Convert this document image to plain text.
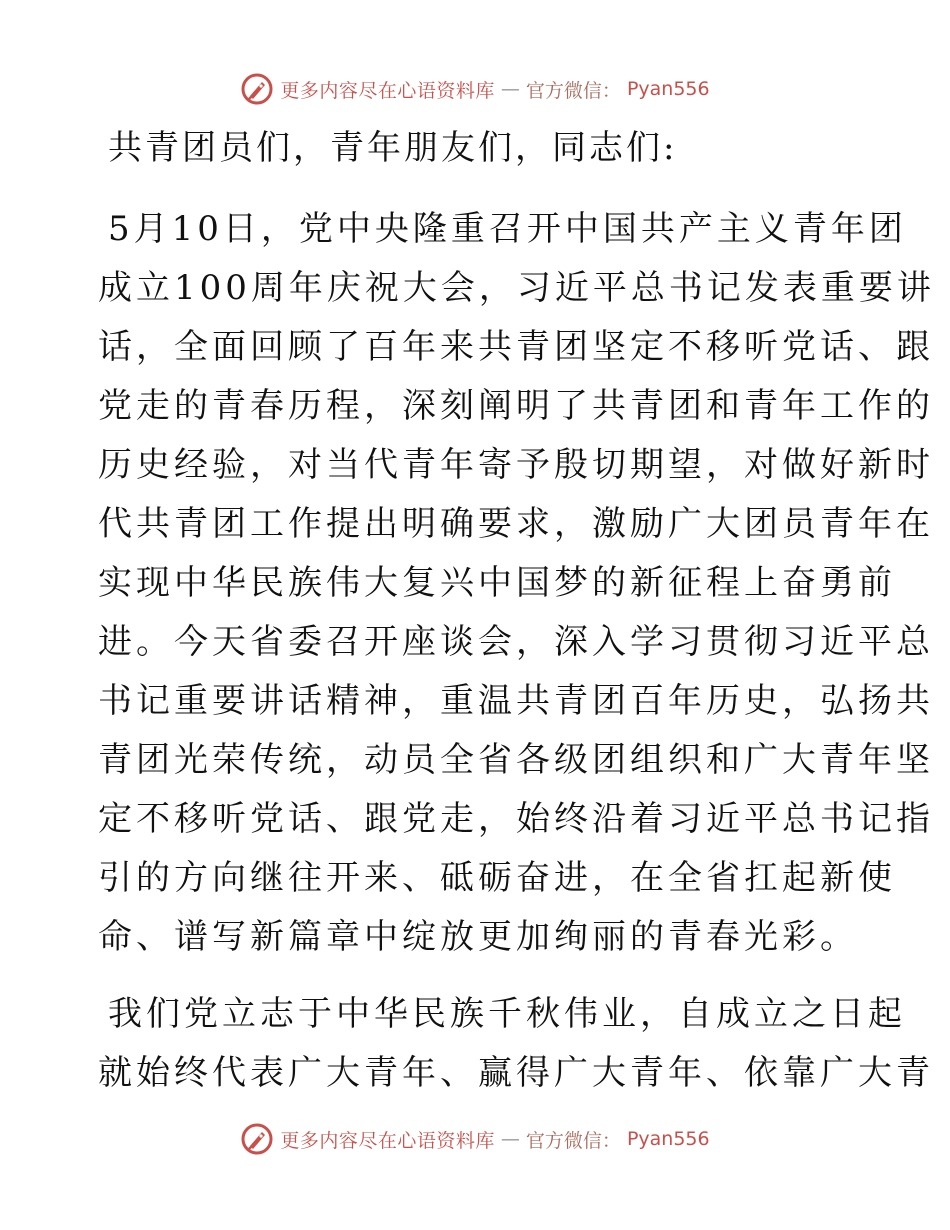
更多内容尽在心语资料库 — 官方微信： Pyan556
共青团员们，青年朋友们，同志们:
5月10日，党中央隆重召开中国共产主义青年团
成立100周年庆祝大会，习近平总书记发表重要讲
话，全面回顾了百年来共青团坚定不移听党话、跟
党走的青春历程，深刻阐明了共青团和青年工作的
历史经验，对当代青年寄予殷切期望，对做好新时
代共青团工作提出明确要求，激励广大团员青年在
实现中华民族伟大复兴中国梦的新征程上奋勇前
进。今天省委召开座谈会，深入学习贯彻习近平总
书记重要讲话精神，重温共青团百年历史，弘扬共
青团光荣传统，动员全省各级团组织和广大青年坚
定不移听党话、跟党走，始终沿着习近平总书记指
引的方向继往开来、砥砺奋进，在全省扛起新使
命、谱写新篇章中绽放更加绚丽的青春光彩。
我们党立志于中华民族千秋伟业，自成立之日起
就始终代表广大青年、赢得广大青年、依靠广大青
更多内容尽在心语资料库 — 官方微信： Pyan556
